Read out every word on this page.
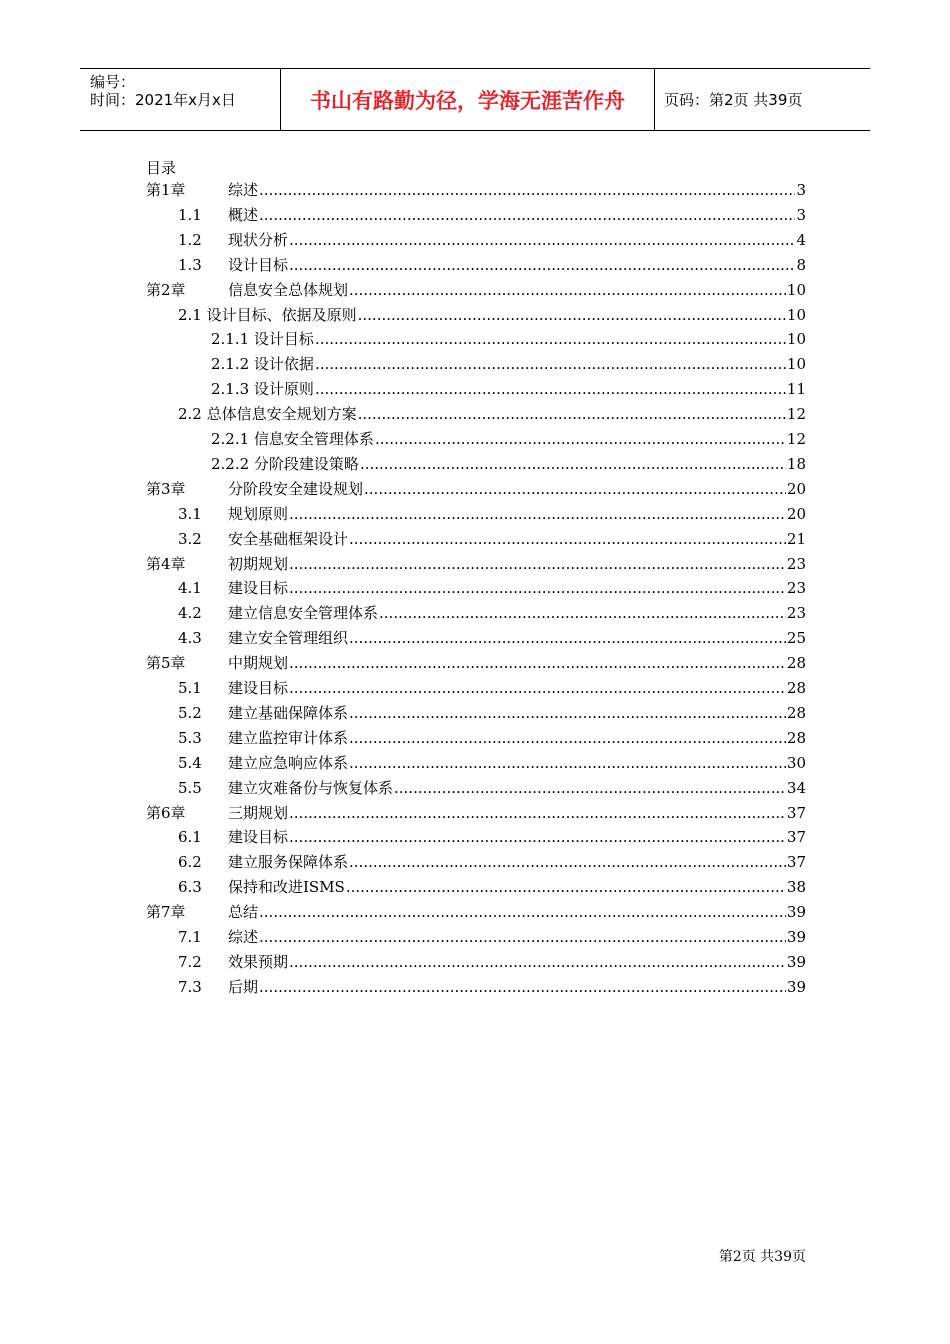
编号：
时间：2021年x月x日	书山有路勤为径，学海无涯苦作舟	页码：第2页 共39页
目录
第1章	综述 .....	3
1.1	概述 .....	3
1.2	现状分析 .....	4
1.3	设计目标 .....	8
第2章	信息安全总体规划 .....	10
2.1 设计目标、依据及原则 .....	10
2.1.1 设计目标 .....	10
2.1.2 设计依据 .....	10
2.1.3 设计原则 .....	11
2.2 总体信息安全规划方案 .....	12
2.2.1 信息安全管理体系 .....	12
2.2.2 分阶段建设策略 .....	18
第3章	分阶段安全建设规划 .....	20
3.1	规划原则 .....	20
3.2	安全基础框架设计 .....	21
第4章	初期规划 .....	23
4.1	建设目标 .....	23
4.2	建立信息安全管理体系 .....	23
4.3	建立安全管理组织 .....	25
第5章	中期规划 .....	28
5.1	建设目标 .....	28
5.2	建立基础保障体系 .....	28
5.3	建立监控审计体系 .....	28
5.4	建立应急响应体系 .....	30
5.5	建立灾难备份与恢复体系 .....	34
第6章	三期规划 .....	37
6.1	建设目标 .....	37
6.2	建立服务保障体系 .....	37
6.3	保持和改进ISMS .....	38
第7章	总结 .....	39
7.1	综述 .....	39
7.2	效果预期 .....	39
7.3	后期 .....	39
第2页 共39页
